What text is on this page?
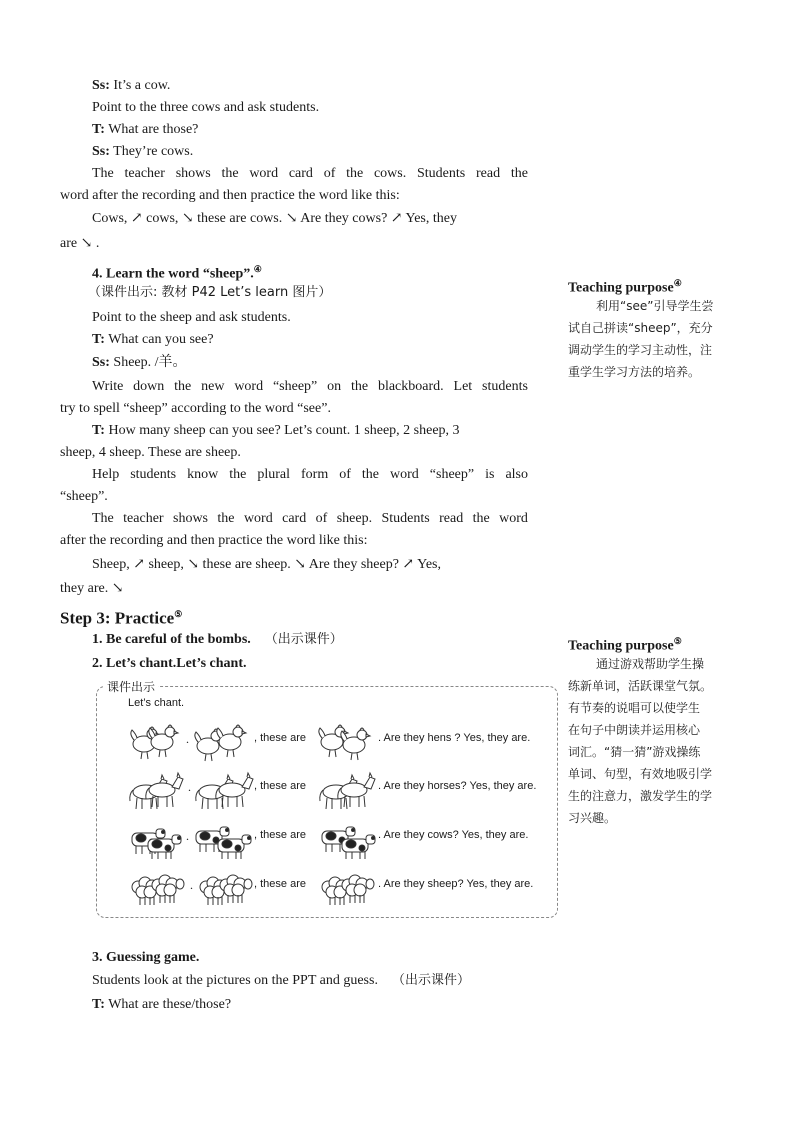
Ss: It’s a cow.
Point to the three cows and ask students.
T: What are those?
Ss: They’re cows.
The teacher shows the word card of the cows. Students read the
word after the recording and then practice the word like this:
Cows, ↗ cows, ↘ these are cows. ↘ Are they cows? ↗ Yes, they
are ↘ .
4. Learn the word “sheep”.④
（课件出示: 教材 P42 Let’s learn 图片）
Point to the sheep and ask students.
T: What can you see?
Ss: Sheep. /羊。
Write down the new word “sheep” on the blackboard. Let students
try to spell “sheep” according to the word “see”.
T: How many sheep can you see? Let’s count. 1 sheep, 2 sheep, 3
sheep, 4 sheep. These are sheep.
Help students know the plural form of the word “sheep” is also
“sheep”.
The teacher shows the word card of sheep. Students read the word
after the recording and then practice the word like this:
Sheep, ↗ sheep, ↘ these are sheep. ↘ Are they sheep? ↗ Yes,
they are. ↘
Step 3: Practice⑤
1. Be careful of the bombs. （出示课件）
2. Let’s chant.Let’s chant.
课件出示
Let’s chant.
.	, these are	. Are they hens ? Yes, they are.
.	, these are	. Are they horses? Yes, they are.
.	, these are	. Are they cows? Yes, they are.
.	, these are	. Are they sheep? Yes, they are.
3. Guessing game.
Students look at the pictures on the PPT and guess. （出示课件）
T: What are these/those?
Teaching purpose④
利用“see”引导学生尝
试自己拼读“sheep”，充分
调动学生的学习主动性，注
重学生学习方法的培养。
Teaching purpose⑤
通过游戏帮助学生操
练新单词，活跃课堂气氛。
有节奏的说唱可以使学生
在句子中朗读并运用核心
词汇。“猜一猜”游戏操练
单词、句型，有效地吸引学
生的注意力，激发学生的学
习兴趣。
